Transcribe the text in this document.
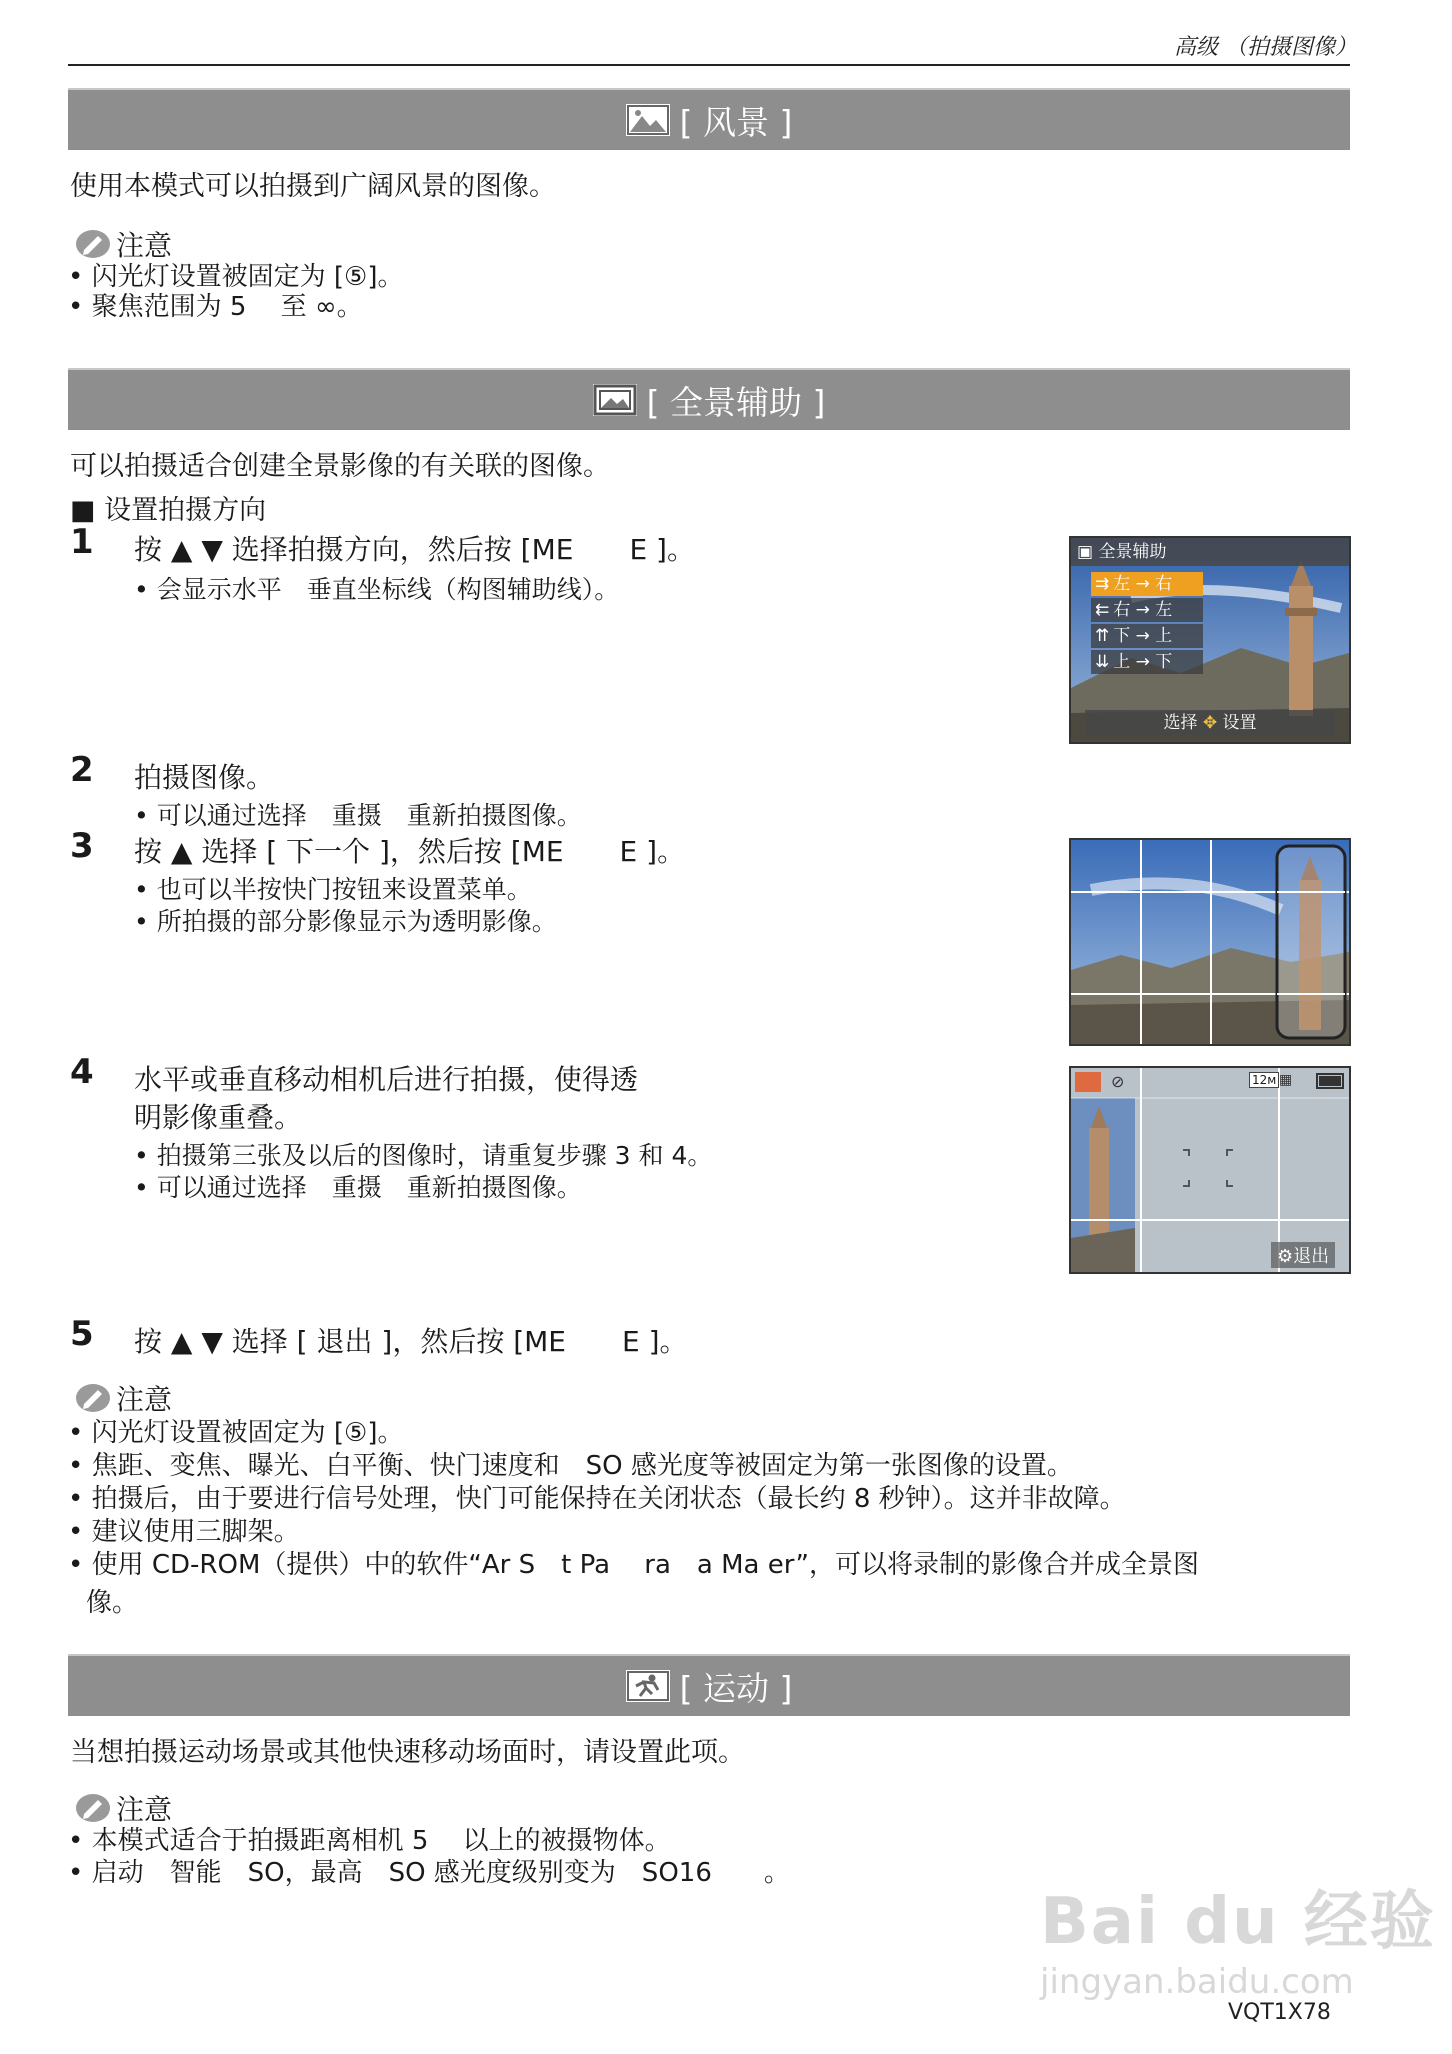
高级 （拍摄图像）
[ 风景 ]
使用本模式可以拍摄到广阔风景的图像。
注意
• 闪光灯设置被固定为 [⑤]。
• 聚焦范围为 5 　至 ∞。
[ 全景辅助 ]
可以拍摄适合创建全景影像的有关联的图像。
■ 设置拍摄方向
1 按 ▲ ▼ 选择拍摄方向，然后按 [ME　　E ]。
• 会显示水平　垂直坐标线（构图辅助线）。
▣ 全景辅助
⇉ 左 → 右
⇇ 右 → 左
⇈ 下 → 上
⇊ 上 → 下
选择 ✥ 设置
2 拍摄图像。
• 可以通过选择　重摄　重新拍摄图像。
3 按 ▲ 选择 [ 下一个 ]，然后按 [ME　　E ]。
• 也可以半按快门按钮来设置菜单。
• 所拍摄的部分影像显示为透明影像。
4 水平或垂直移动相机后进行拍摄，使得透
明影像重叠。
• 拍摄第三张及以后的图像时，请重复步骤 3 和 4。
• 可以通过选择　重摄　重新拍摄图像。
12м
⊘	▦
⚙退出
5 按 ▲ ▼ 选择 [ 退出 ]，然后按 [ME　　E ]。
注意
• 闪光灯设置被固定为 [⑤]。
• 焦距、变焦、曝光、白平衡、快门速度和　SO 感光度等被固定为第一张图像的设置。
• 拍摄后，由于要进行信号处理，快门可能保持在关闭状态（最长约 8 秒钟）。这并非故障。
• 建议使用三脚架。
• 使用 CD-ROM（提供）中的软件“Ar S　t Pa　 ra　a Ma er”，可以将录制的影像合并成全景图
像。
[ 运动 ]
当想拍摄运动场景或其他快速移动场面时，请设置此项。
注意
• 本模式适合于拍摄距离相机 5　 以上的被摄物体。
• 启动　智能　SO，最高　SO 感光度级别变为　SO16　　。
Bai du 经验
jingyan.baidu.com
VQT1X78
